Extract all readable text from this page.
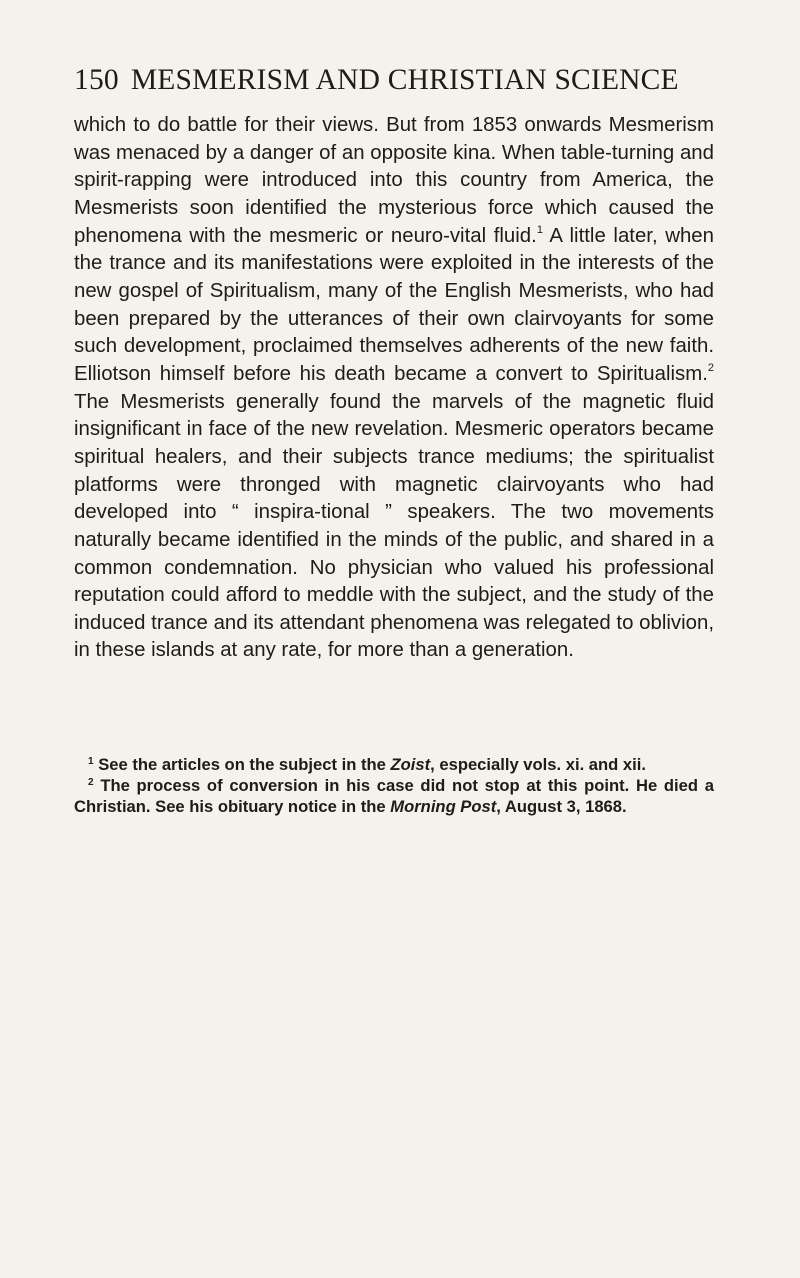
150 MESMERISM AND CHRISTIAN SCIENCE

which to do battle for their views. But from 1853 onwards Mesmerism was menaced by a danger of an opposite kina. When table-turning and spirit-rapping were introduced into this country from America, the Mesmerists soon identified the mysterious force which caused the phenomena with the mesmeric or neuro-vital fluid.$^1$ A little later, when the trance and its manifestations were exploited in the interests of the new gospel of Spiritualism, many of the English Mesmerists, who had been prepared by the utterances of their own clairvoyants for some such development, proclaimed themselves adherents of the new faith. Elliotson himself before his death became a convert to Spiritualism.$^2$ The Mesmerists generally found the marvels of the magnetic fluid insignificant in face of the new revelation. Mesmeric operators became spiritual healers, and their subjects trance mediums; the spiritualist platforms were thronged with magnetic clairvoyants who had developed into “ inspira-tional ” speakers. The two movements naturally became identified in the minds of the public, and shared in a common condemnation. No physician who valued his professional reputation could afford to meddle with the subject, and the study of the induced trance and its attendant phenomena was relegated to oblivion, in these islands at any rate, for more than a generation.

$^1$ See the articles on the subject in the Zoist, especially vols. xi. and xii.

$^2$ The process of conversion in his case did not stop at this point. He died a Christian. See his obituary notice in the Morning Post, August 3, 1868.
